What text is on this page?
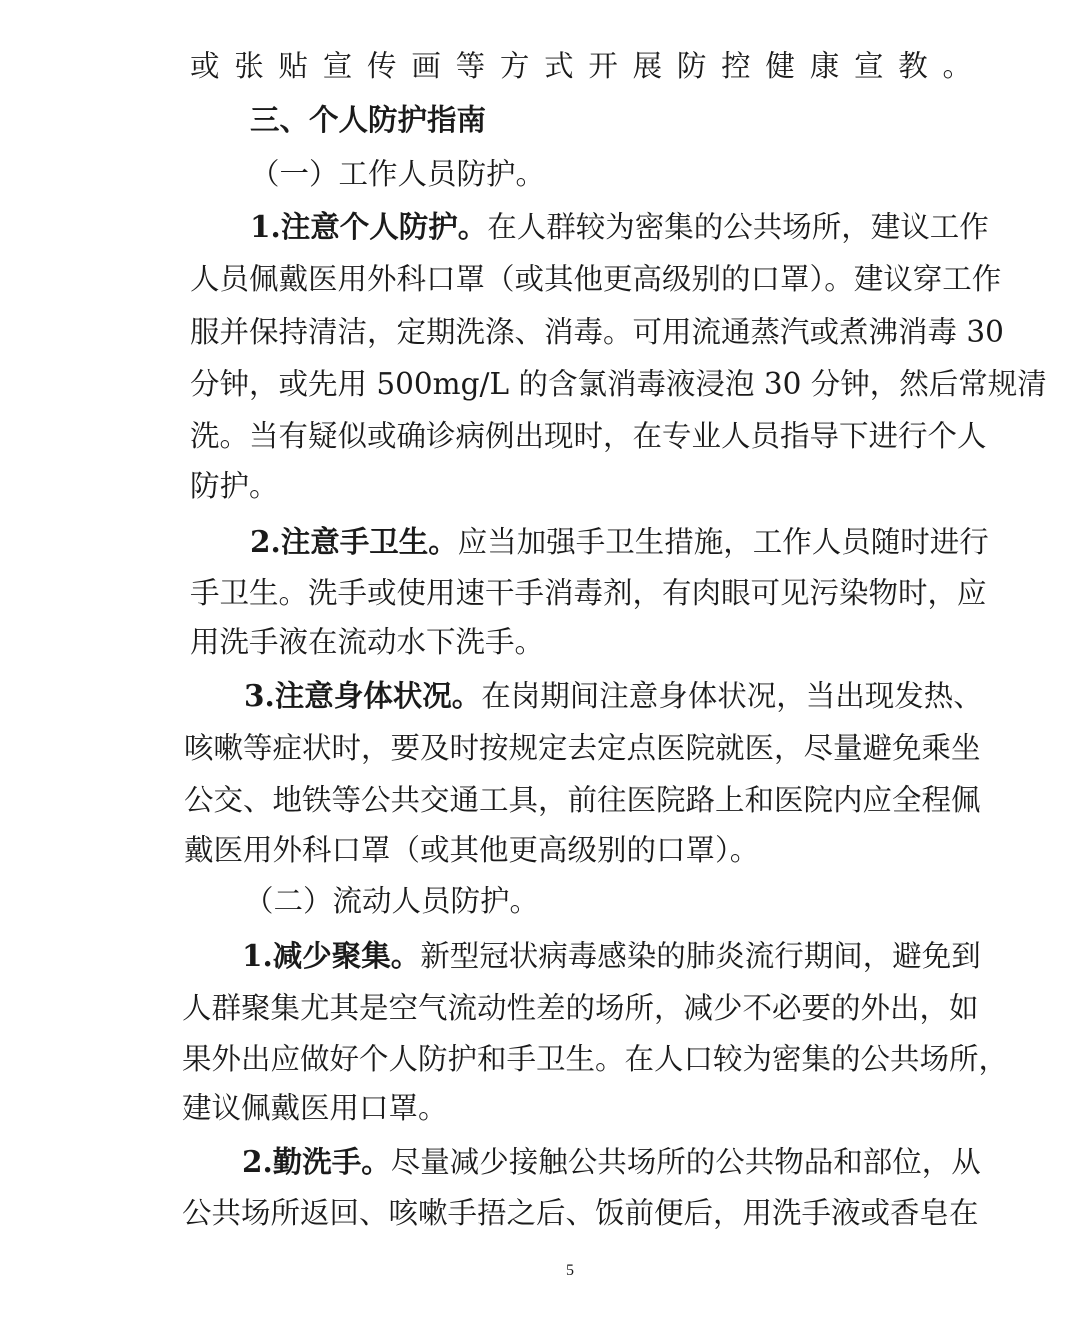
或张贴宣传画等方式开展防控健康宣教。
三、个人防护指南
（一）工作人员防护。
1.注意个人防护。在人群较为密集的公共场所，建议工作
人员佩戴医用外科口罩（或其他更高级别的口罩）。建议穿工作
服并保持清洁，定期洗涤、消毒。可用流通蒸汽或煮沸消毒 30
分钟，或先用 500mg/L 的含氯消毒液浸泡 30 分钟，然后常规清
洗。当有疑似或确诊病例出现时，在专业人员指导下进行个人
防护。
2.注意手卫生。应当加强手卫生措施，工作人员随时进行
手卫生。洗手或使用速干手消毒剂，有肉眼可见污染物时，应
用洗手液在流动水下洗手。
3.注意身体状况。在岗期间注意身体状况，当出现发热、
咳嗽等症状时，要及时按规定去定点医院就医，尽量避免乘坐
公交、地铁等公共交通工具，前往医院路上和医院内应全程佩
戴医用外科口罩（或其他更高级别的口罩）。
（二）流动人员防护。
1.减少聚集。新型冠状病毒感染的肺炎流行期间，避免到
人群聚集尤其是空气流动性差的场所，减少不必要的外出，如
果外出应做好个人防护和手卫生。在人口较为密集的公共场所，
建议佩戴医用口罩。
2.勤洗手。尽量减少接触公共场所的公共物品和部位，从
公共场所返回、咳嗽手捂之后、饭前便后，用洗手液或香皂在
5
